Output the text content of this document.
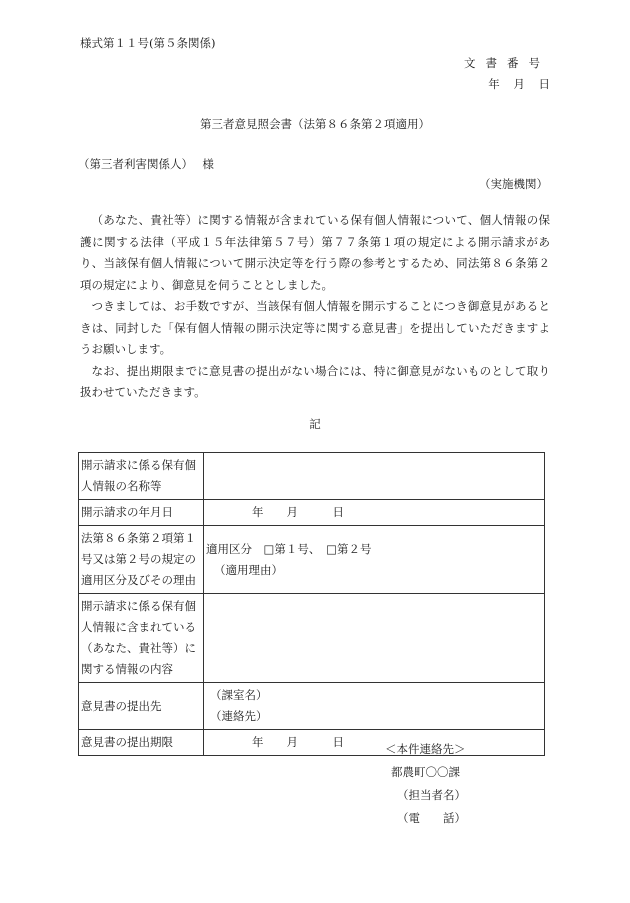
様式第１１号(第５条関係)
文書番号
年 月 日
第三者意見照会書（法第８６条第２項適用）
（第三者利害関係人）　 様
（実施機関）

（あなた、貴社等）に関する情報が含まれている保有個人情報について、個人情報の保護に関する法律（平成１５年法律第５７号）第７７条第１項の規定による開示請求があり、当該保有個人情報について開示決定等を行う際の参考とするため、同法第８６条第２項の規定により、御意見を伺うこととしました。

つきましては、お手数ですが、当該保有個人情報を開示することにつき御意見があるときは、同封した「保有個人情報の開示決定等に関する意見書」を提出していただきますようお願いします。

なお、提出期限までに意見書の提出がない場合には、特に御意見がないものとして取り扱わせていただきます。

記
開示請求に係る保有個人情報の名称等	
開示請求の年月日	年　　月　　　日
法第８６条第２項第１号又は第２号の規定の適用区分及びその理由	適用区分　□第１号、　□第２号
（適用理由）

開示請求に係る保有個人情報に含まれている（あなた、貴社等）に関する情報の内容	
意見書の提出先	（課室名）
（連絡先）

意見書の提出期限	年　　月　　　日	＜本件連絡先＞
都農町〇〇課
（担当者名）
（電　　話）
